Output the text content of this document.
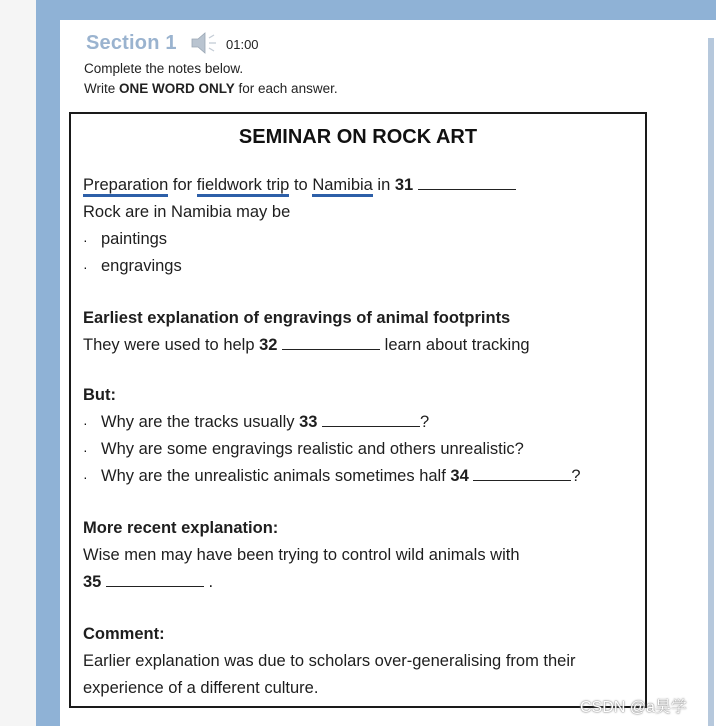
Section 1	01:00
Complete the notes below.
Write ONE WORD ONLY for each answer.
SEMINAR ON ROCK ART
Preparation for fieldwork trip to Namibia in 31
Rock are in Namibia may be
· paintings
· engravings
Earliest explanation of engravings of animal footprints
They were used to help 32	learn about tracking
But:
· Why are the tracks usually 33	?
· Why are some engravings realistic and others unrealistic?
· Why are the unrealistic animals sometimes half 34	?
More recent explanation:
Wise men may have been trying to control wild animals with
35	.
Comment:
Earlier explanation was due to scholars over-generalising from their
experience of a different culture.
CSDN @a昊学
